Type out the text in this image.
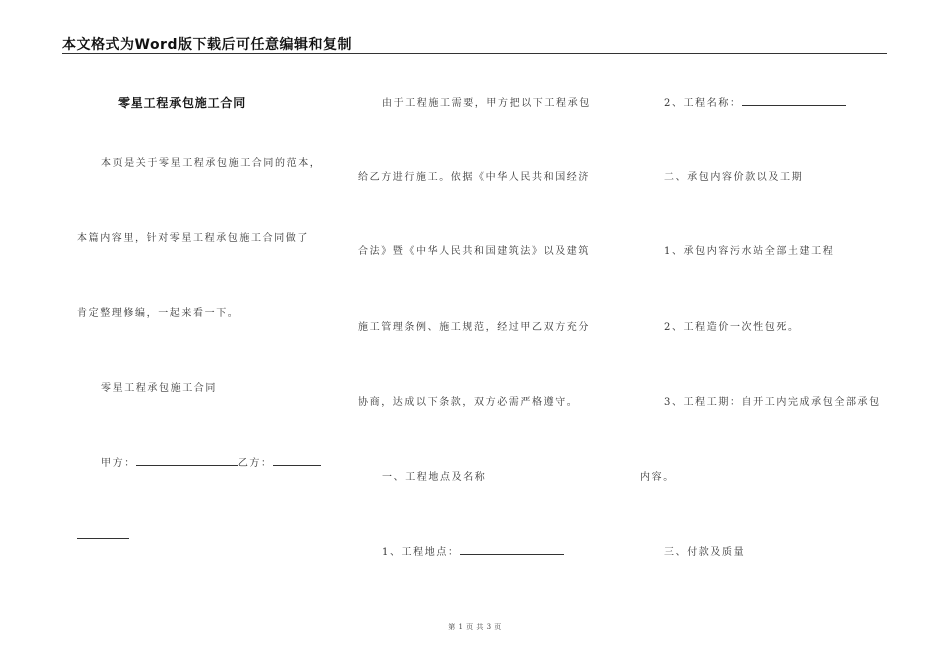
本文格式为Word版下载后可任意编辑和复制
零星工程承包施工合同
本页是关于零星工程承包施工合同的范本，
本篇内容里，针对零星工程承包施工合同做了
肯定整理修编，一起来看一下。
零星工程承包施工合同
甲方：	乙方：
由于工程施工需要，甲方把以下工程承包
给乙方进行施工。依据《中华人民共和国经济
合法》暨《中华人民共和国建筑法》以及建筑
施工管理条例、施工规范，经过甲乙双方充分
协商，达成以下条款，双方必需严格遵守。
一、工程地点及名称
1、工程地点：
2、工程名称：
二、承包内容价款以及工期
1、承包内容污水站全部土建工程
2、工程造价一次性包死。
3、工程工期：自开工内完成承包全部承包
内容。
三、付款及质量
第 1 页 共 3 页
